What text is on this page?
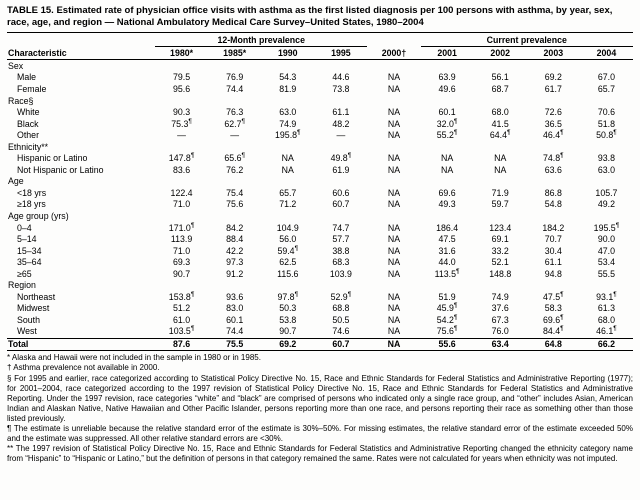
TABLE 15. Estimated rate of physician office visits with asthma as the first listed diagnosis per 100 persons with asthma, by year, sex, race, age, and region — National Ambulatory Medical Care Survey–United States, 1980–2004
	12-Month prevalence					Current prevalence			
Characteristic	1980*	1985*	1990	1995	2000†	2001	2002	2003	2004
Sex									
Male	79.5	76.9	54.3	44.6	NA	63.9	56.1	69.2	67.0
Female	95.6	74.4	81.9	73.8	NA	49.6	68.7	61.7	65.7
Race§									
White	90.3	76.3	63.0	61.1	NA	60.1	68.0	72.6	70.6
Black	75.3¶	62.7¶	74.9	48.2	NA	32.0¶	41.5	36.5	51.8
Other	—	—	195.8¶	—	NA	55.2¶	64.4¶	46.4¶	50.8¶
Ethnicity**									
Hispanic or Latino	147.8¶	65.6¶	NA	49.8¶	NA	NA	NA	74.8¶	93.8
Not Hispanic or Latino	83.6	76.2	NA	61.9	NA	NA	NA	63.6	63.0
Age									
<18 yrs	122.4	75.4	65.7	60.6	NA	69.6	71.9	86.8	105.7
≥18 yrs	71.0	75.6	71.2	60.7	NA	49.3	59.7	54.8	49.2
Age group (yrs)									
0–4	171.0¶	84.2	104.9	74.7	NA	186.4	123.4	184.2	195.5¶
5–14	113.9	88.4	56.0	57.7	NA	47.5	69.1	70.7	90.0
15–34	71.0	42.2	59.4¶	38.8	NA	31.6	33.2	30.4	47.0
35–64	69.3	97.3	62.5	68.3	NA	44.0	52.1	61.1	53.4
≥65	90.7	91.2	115.6	103.9	NA	113.5¶	148.8	94.8	55.5
Region									
Northeast	153.8¶	93.6	97.8¶	52.9¶	NA	51.9	74.9	47.5¶	93.1¶
Midwest	51.2	83.0	50.3	68.8	NA	45.9¶	37.6	58.3	61.3
South	61.0	60.1	53.8	50.5	NA	54.2¶	67.3	69.6¶	68.0
West	103.5¶	74.4	90.7	74.6	NA	75.6¶	76.0	84.4¶	46.1¶
Total	87.6	75.5	69.2	60.7	NA	55.6	63.4	64.8	66.2

* Alaska and Hawaii were not included in the sample in 1980 or in 1985.

† Asthma prevalence not available in 2000.

§ For 1995 and earlier, race categorized according to Statistical Policy Directive No. 15, Race and Ethnic Standards for Federal Statistics and Administrative Reporting (1977); for 2001–2004, race categorized according to the 1997 revision of Statistical Policy Directive No. 15, Race and Ethnic Standards for Federal Statistics and Administrative Reporting. Under the 1997 revision, race categories “white” and “black” are comprised of persons who indicated only a single race group, and “other” includes Asian, American Indian and Alaskan Native, Native Hawaiian and Other Pacific Islander, persons reporting more than one race, and persons reporting their race as something other than those listed previously.

¶ The estimate is unreliable because the relative standard error of the estimate is 30%–50%. For missing estimates, the relative standard error of the estimate exceeded 50% and the estimate was suppressed. All other relative standard errors are <30%.

** The 1997 revision of Statistical Policy Directive No. 15, Race and Ethnic Standards for Federal Statistics and Administrative Reporting changed the ethnicity category name from “Hispanic” to “Hispanic or Latino,” but the definition of persons in that category remained the same. Rates were not calculated for years when ethnicity was not imputed.
